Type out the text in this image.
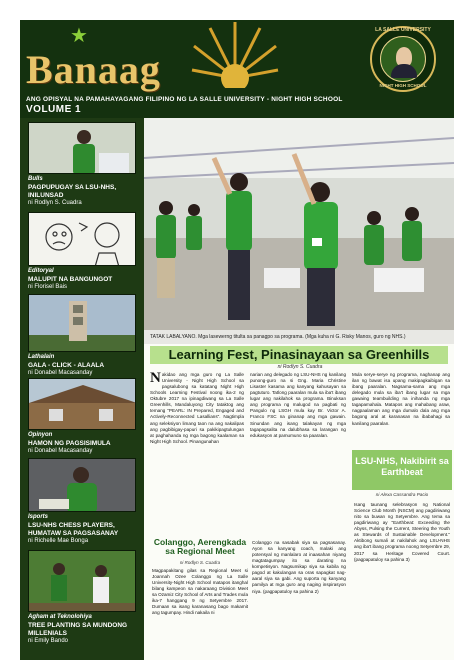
★
Banaag
ANG OPISYAL NA PAMAHAYAGANG FILIPINO NG LA SALLE UNIVERSITY - NIGHT HIGH SCHOOL
VOLUME 1
LA SALLE UNIVERSITY
NIGHT HIGH SCHOOL
Bulls
PAGPUPUGAY SA LSU-NHS, INILUNSAD
ni Rodlyn S. Cuadra
Editoryal
MALUPIT NA BANGUNGOT
ni Florisel Bais
Lathalain
GALA - CLICK - ALAALA
ni Donabel Macasanday
Opinyon
HAMON NG PAGSISIMULA
ni Donabel Macasanday
Isports
LSU-NHS CHESS PLAYERS, HUMATAW SA PAGSASANAY
ni Richelle Mae Bonga
Agham at Teknolohiya
TREE PLANTING SA MUNDONG MILLENIALS
ni Emily Bando
TATAK LABALYANO. Mga lasewerng titulta sa panagpo sa programa. (Mga kuha ni G. Risky Manos, guro ng NHS.)
Learning Fest, Pinasinayaan sa Greenhills
ni Rodlyn S. Cuadra
Nakidao ang mga guro ng La Salle University - Night High School sa pagsalubong sa katatang Night High Schools Learning Festival noong ika-2 ng Oktubre 2017 na ipinagdiwang sa La Salle Greenhills, Mandaluyong City tataktog ang temang "PEARL: IN Prepared, Engaged and Actively-Reconnected Lasallians". Nagtimpla ang seleksiyon limang taon na ang nakalipas ang pagbibigay-papuri sa pakikipagtulungan at paghahanda ng mga bagong kaalaman sa Night High School. Pinangunahan
narian ang delegado ng LSU-NHS ng kanilang punong-guro na si Gng. Maria Christine Lisaster kasama ang kanyang kahusayan sa pagtuturo. Tatlong paaralan mula sa iba't ibang lugar ang nakilahok sa programa. Binuksan ang programa ng malugod na pagbati ng Pangulo ng LSGH mula kay Br. Victor A. Franco FSC na ginanap ang mga gawain. Sinundan ang isang talakayan ng mga tagapagsalita na dalubhasa sa larangan ng edukasyon at pamumuno sa paaralan.
Mula serye-serye ng programa, naghanap ang ilan ng bawat isa upang makipagkaibigan sa ibang paaralan. Nagsama-sama ang mga delegado mula sa iba't ibang lugar sa mga gawaing teambuilding na inihanda ng mga tagapamahala. Matapos ang mahabang araw, nagpaalaman ang mga dumalo dala ang mga bagong aral at karanasan na ibabahagi sa kanilang paaralan.
LSU-NHS, Nakibirit sa Earthbeat
ni Alexa Cassandra Pacio
Isang taunang selebrasyon ng National Science Club Month (NSCM) ang pagdiriwang nito sa buwan ng Setyembre. Ang tema sa pagdiriwang ay "Earthbeat: Exceeding the Abyss, Pulsing the Current, Steering the Youth as Stewards of Sustainable Development." Aktibong sumali at nakilahok ang LSU-NHS ang iba't ibang programa noong Setyembre 29, 2017 sa Heritage Covered Court. (pagpapatuloy sa pahina 3)
Colanggo, Aerengkada sa Regional Meet
ni Rodlyn S. Cuadra
Magpapakitang gilas sa Regional Meet si Joannah Ozee Colanggo ng La Salle University-Night High School matapos itanghal bilang kampeon sa nakaraang Division Meet sa Ozamiz City School of Arts and Trades mula ika-7 hanggang 9 ng Setyembre 2017. Dumaan sa isang karanasang bago makamit ang tagumpay. Hindi nakaila ni
Colanggo na sasabak siya sa pagsasanay. Ayon sa kanyang coach, malaki ang potensyal ng manlalaro at inaasahan niyang magtatagumpay ito sa darating na kompetisyon. Nagsumikap siya sa kabila ng pagod at kakulangan sa oras sapagkat nag-aaral siya sa gabi. Ang suporta ng kanyang pamilya at mga guro ang naging inspirasyon niya. (pagpapatuloy sa pahina 2)
